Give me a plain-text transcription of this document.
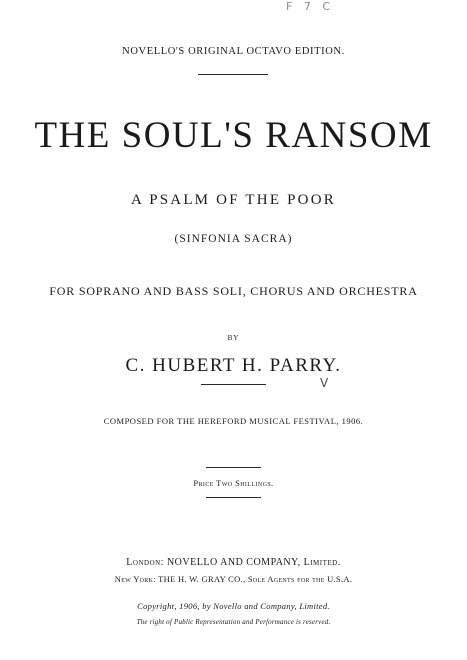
F 7 C
NOVELLO'S ORIGINAL OCTAVO EDITION.
THE SOUL'S RANSOM
A PSALM OF THE POOR
(SINFONIA SACRA)
FOR SOPRANO AND BASS SOLI, CHORUS AND ORCHESTRA
BY
C. HUBERT H. PARRY.
V
COMPOSED FOR THE HEREFORD MUSICAL FESTIVAL, 1906.
Price Two Shillings.
London: NOVELLO AND COMPANY, Limited.
New York: THE H. W. GRAY CO., Sole Agents for the U.S.A.
Copyright, 1906, by Novello and Company, Limited.
The right of Public Representation and Performance is reserved.
